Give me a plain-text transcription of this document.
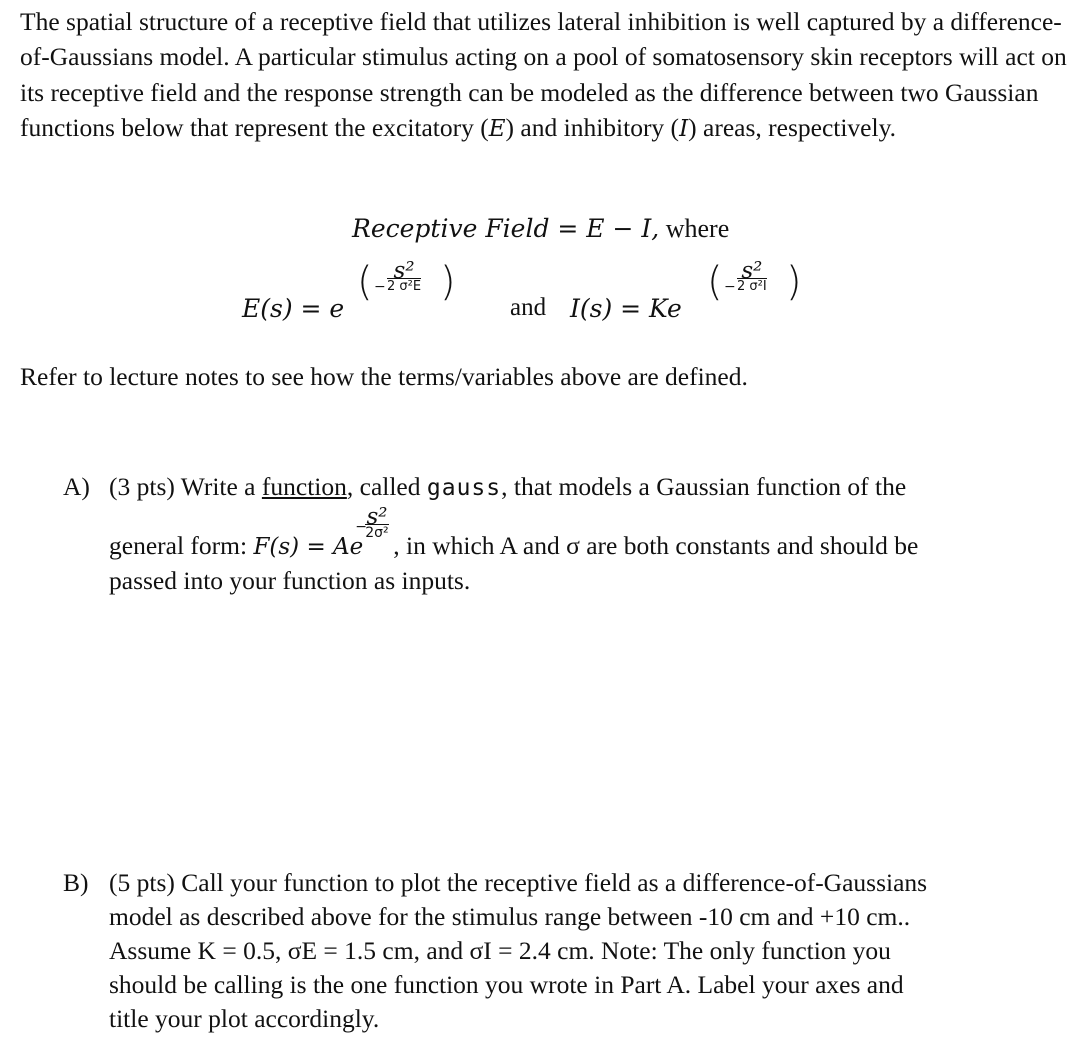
The spatial structure of a receptive field that utilizes lateral inhibition is well captured by a difference-of-Gaussians model. A particular stimulus acting on a pool of somatosensory skin receptors will act on its receptive field and the response strength can be modeled as the difference between two Gaussian functions below that represent the excitatory (E) and inhibitory (I) areas, respectively.

Receptive Field = E − I, where
E(s) = e
( −
s²
2 σ²E )
and I(s) = Ke
( −
s²
2 σ²I )
Refer to lecture notes to see how the terms/variables above are defined.
A) (3 pts) Write a function, called gauss, that models a Gaussian function of the
general form: F(s) = Ae
− s²
2σ² , in which A and σ are both constants and should be
passed into your function as inputs.
B) (5 pts) Call your function to plot the receptive field as a difference-of-Gaussians
model as described above for the stimulus range between -10 cm and +10 cm..
Assume K = 0.5, σE = 1.5 cm, and σI = 2.4 cm. Note: The only function you
should be calling is the one function you wrote in Part A. Label your axes and
title your plot accordingly.
